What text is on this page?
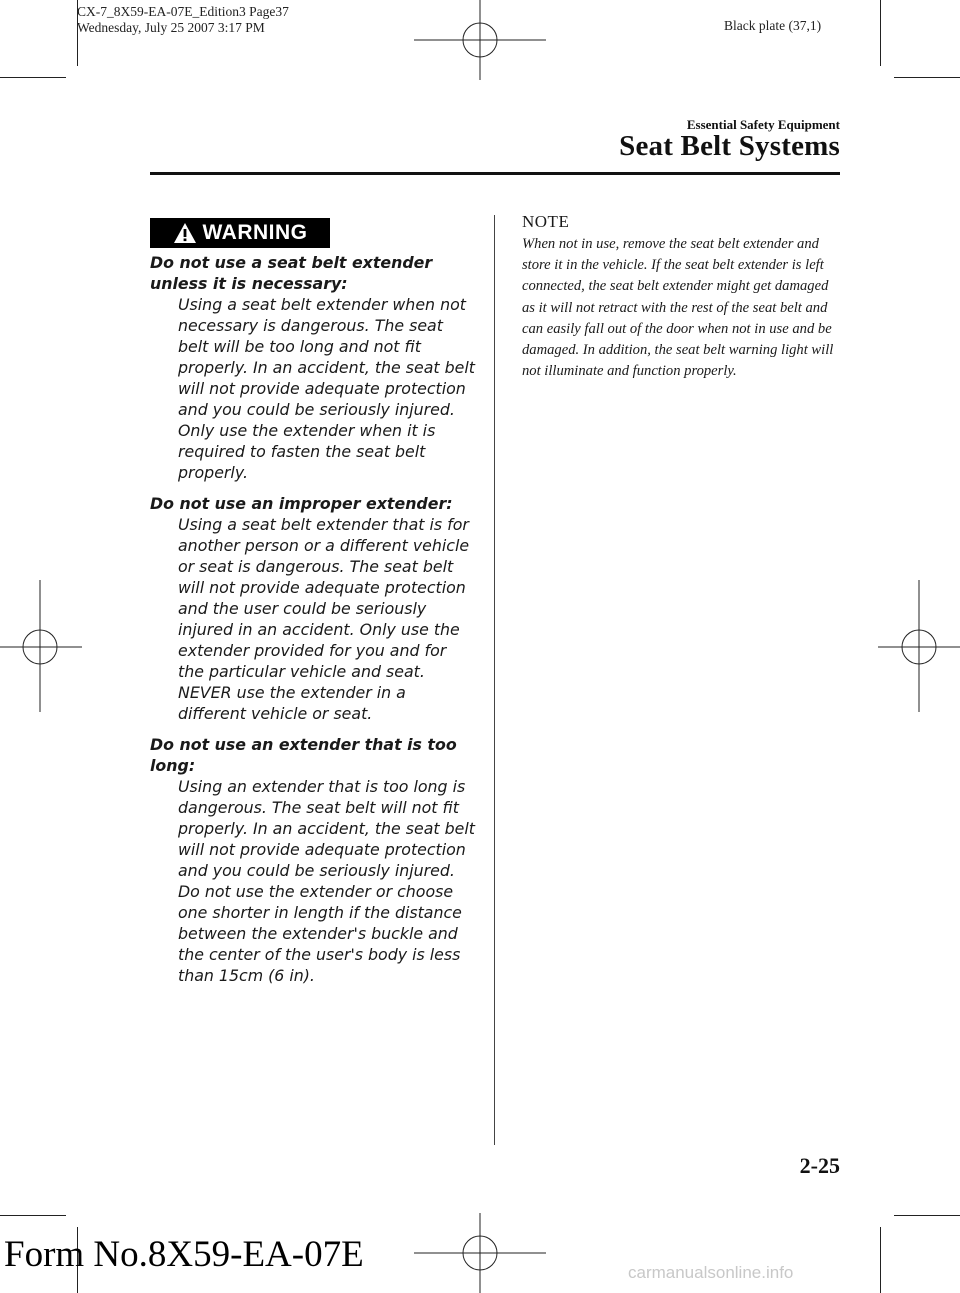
CX-7_8X59-EA-07E_Edition3 Page37
Wednesday, July 25 2007 3:17 PM	Black plate (37,1)
Essential Safety Equipment
Seat Belt Systems
WARNING
Do not use a seat belt extender unless it is necessary:
Using a seat belt extender when not necessary is dangerous. The seat belt will be too long and not fit properly. In an accident, the seat belt will not provide adequate protection and you could be seriously injured. Only use the extender when it is required to fasten the seat belt properly.
Do not use an improper extender:
Using a seat belt extender that is for another person or a different vehicle or seat is dangerous. The seat belt will not provide adequate protection and the user could be seriously injured in an accident. Only use the extender provided for you and for the particular vehicle and seat. NEVER use the extender in a different vehicle or seat.
Do not use an extender that is too long:
Using an extender that is too long is dangerous. The seat belt will not fit properly. In an accident, the seat belt will not provide adequate protection and you could be seriously injured. Do not use the extender or choose one shorter in length if the distance between the extender's buckle and the center of the user's body is less than 15cm (6 in).
NOTE
When not in use, remove the seat belt extender and store it in the vehicle. If the seat belt extender is left connected, the seat belt extender might get damaged as it will not retract with the rest of the seat belt and can easily fall out of the door when not in use and be damaged. In addition, the seat belt warning light will not illuminate and function properly.
2-25
Form No.8X59-EA-07E	carmanualsonline.info
